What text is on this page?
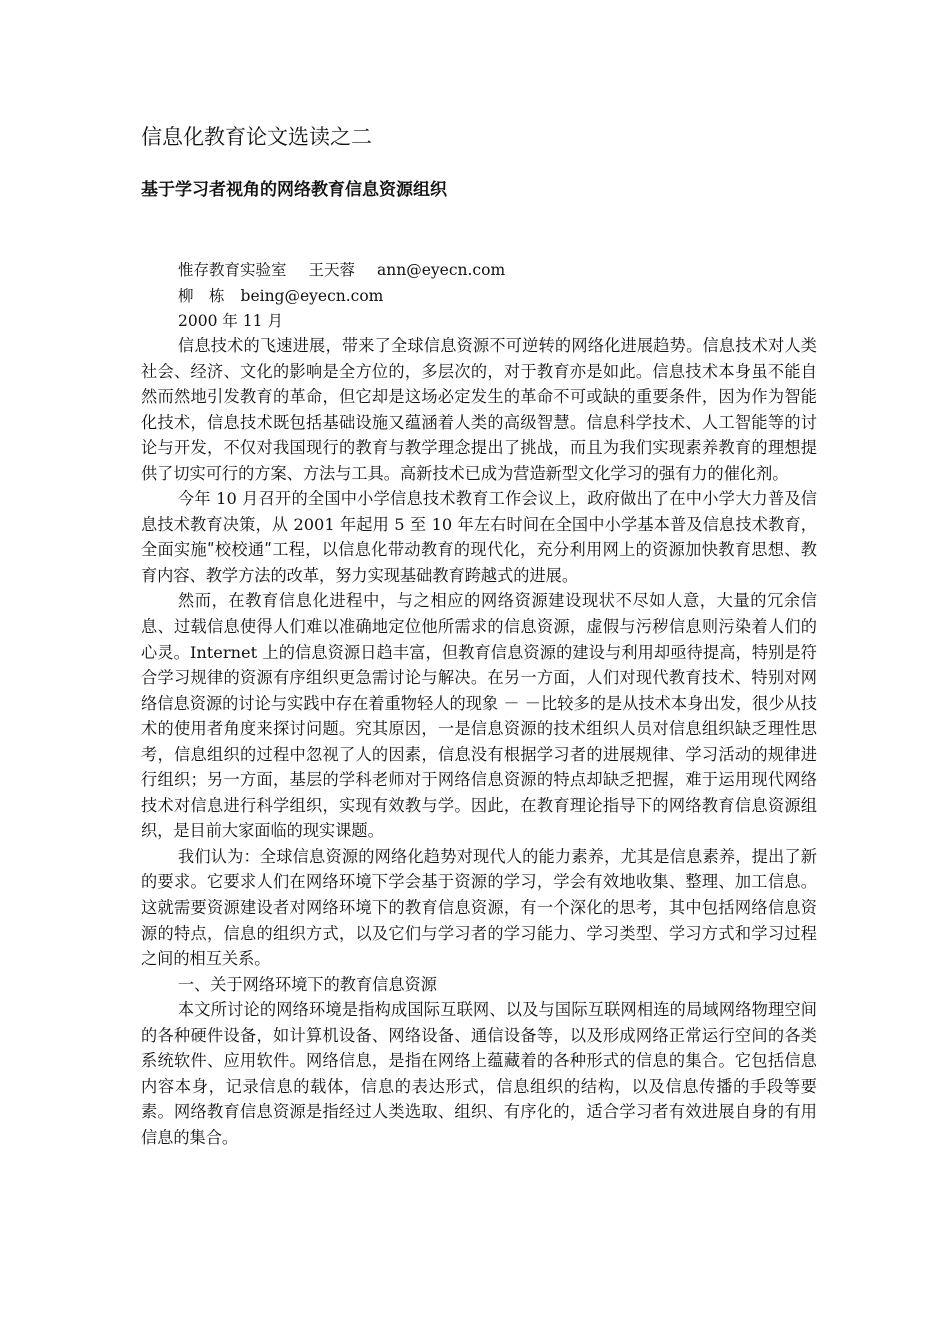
信息化教育论文选读之二
基于学习者视角的网络教育信息资源组织
惟存教育实验室 王天蓉 ann@eyecn.com
柳　栋 being@eyecn.com
2000 年 11 月

信息技术的飞速进展，带来了全球信息资源不可逆转的网络化进展趋势。信息技术对人类社会、经济、文化的影响是全方位的，多层次的，对于教育亦是如此。信息技术本身虽不能自然而然地引发教育的革命，但它却是这场必定发生的革命不可或缺的重要条件，因为作为智能化技术，信息技术既包括基础设施又蕴涵着人类的高级智慧。信息科学技术、人工智能等的讨论与开发，不仅对我国现行的教育与教学理念提出了挑战，而且为我们实现素养教育的理想提供了切实可行的方案、方法与工具。高新技术已成为营造新型文化学习的强有力的催化剂。

今年 10 月召开的全国中小学信息技术教育工作会议上，政府做出了在中小学大力普及信息技术教育决策，从 2001 年起用 5 至 10 年左右时间在全国中小学基本普及信息技术教育，全面实施ʺ校校通ʺ工程，以信息化带动教育的现代化，充分利用网上的资源加快教育思想、教育内容、教学方法的改革，努力实现基础教育跨越式的进展。

然而，在教育信息化进程中，与之相应的网络资源建设现状不尽如人意，大量的冗余信息、过载信息使得人们难以准确地定位他所需求的信息资源，虚假与污秽信息则污染着人们的心灵。Internet 上的信息资源日趋丰富，但教育信息资源的建设与利用却亟待提高，特别是符合学习规律的资源有序组织更急需讨论与解决。在另一方面，人们对现代教育技术、特别对网络信息资源的讨论与实践中存在着重物轻人的现象 － －比较多的是从技术本身出发，很少从技术的使用者角度来探讨问题。究其原因，一是信息资源的技术组织人员对信息组织缺乏理性思考，信息组织的过程中忽视了人的因素，信息没有根据学习者的进展规律、学习活动的规律进行组织；另一方面，基层的学科老师对于网络信息资源的特点却缺乏把握，难于运用现代网络技术对信息进行科学组织，实现有效教与学。因此，在教育理论指导下的网络教育信息资源组织，是目前大家面临的现实课题。

我们认为：全球信息资源的网络化趋势对现代人的能力素养，尤其是信息素养，提出了新的要求。它要求人们在网络环境下学会基于资源的学习，学会有效地收集、整理、加工信息。这就需要资源建设者对网络环境下的教育信息资源，有一个深化的思考，其中包括网络信息资源的特点，信息的组织方式，以及它们与学习者的学习能力、学习类型、学习方式和学习过程之间的相互关系。

一、关于网络环境下的教育信息资源

本文所讨论的网络环境是指构成国际互联网、以及与国际互联网相连的局域网络物理空间的各种硬件设备，如计算机设备、网络设备、通信设备等，以及形成网络正常运行空间的各类系统软件、应用软件。网络信息，是指在网络上蕴藏着的各种形式的信息的集合。它包括信息内容本身，记录信息的载体，信息的表达形式，信息组织的结构，以及信息传播的手段等要素。网络教育信息资源是指经过人类选取、组织、有序化的，适合学习者有效进展自身的有用信息的集合。
